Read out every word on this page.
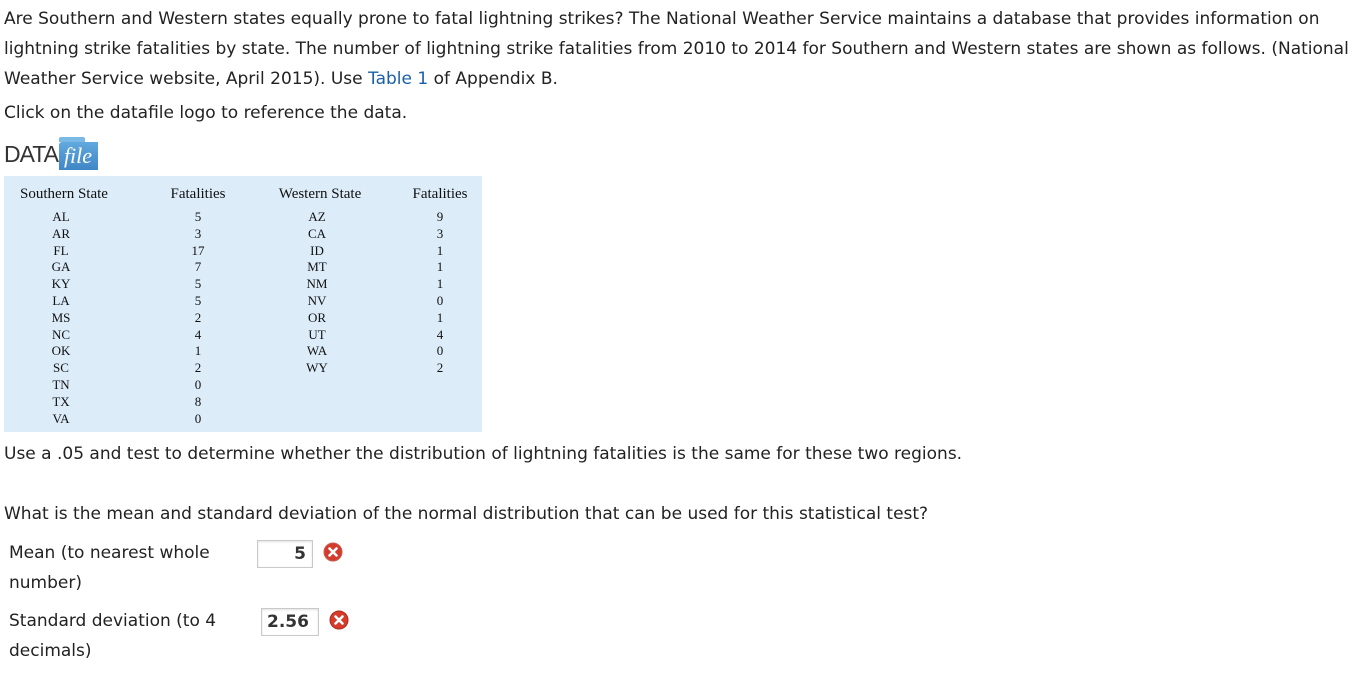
Are Southern and Western states equally prone to fatal lightning strikes? The National Weather Service maintains a database that provides information on lightning strike fatalities by state. The number of lightning strike fatalities from 2010 to 2014 for Southern and Western states are shown as follows. (National Weather Service website, April 2015). Use Table 1 of Appendix B.

Click on the datafile logo to reference the data.

DATA file
Southern State
AL
AR
FL
GA
KY
LA
MS
NC
OK
SC
TN
TX
VA
Fatalities
5
3
17
7
5
5
2
4
1
2
0
8
0
Western State
AZ
CA
ID
MT
NM
NV
OR
UT
WA
WY
Fatalities
9
3
1
1
1
0
1
4
0
2

Use a .05 and test to determine whether the distribution of lightning fatalities is the same for these two regions.

What is the mean and standard deviation of the normal distribution that can be used for this statistical test?

Mean (to nearest whole number)

5

Standard deviation (to 4 decimals)

2.56
